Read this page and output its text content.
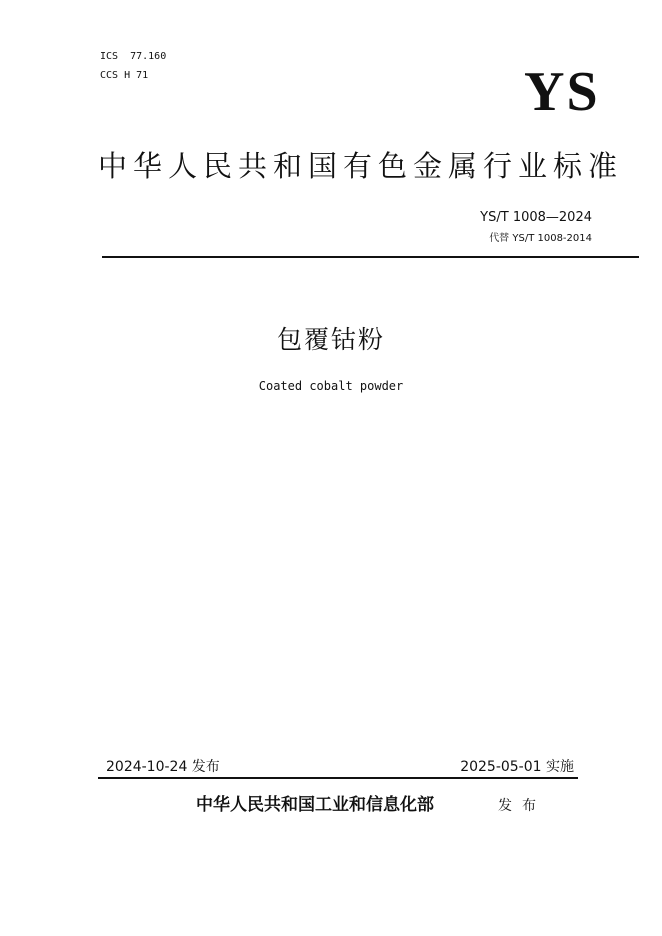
ICS  77.160
CCS H 71	YS
中华人民共和国有色金属行业标准
YS/T 1008—2024
代替 YS/T 1008-2014
包覆钴粉
Coated cobalt powder
2024-10-24 发布	2025-05-01 实施
中华人民共和国工业和信息化部	发布
